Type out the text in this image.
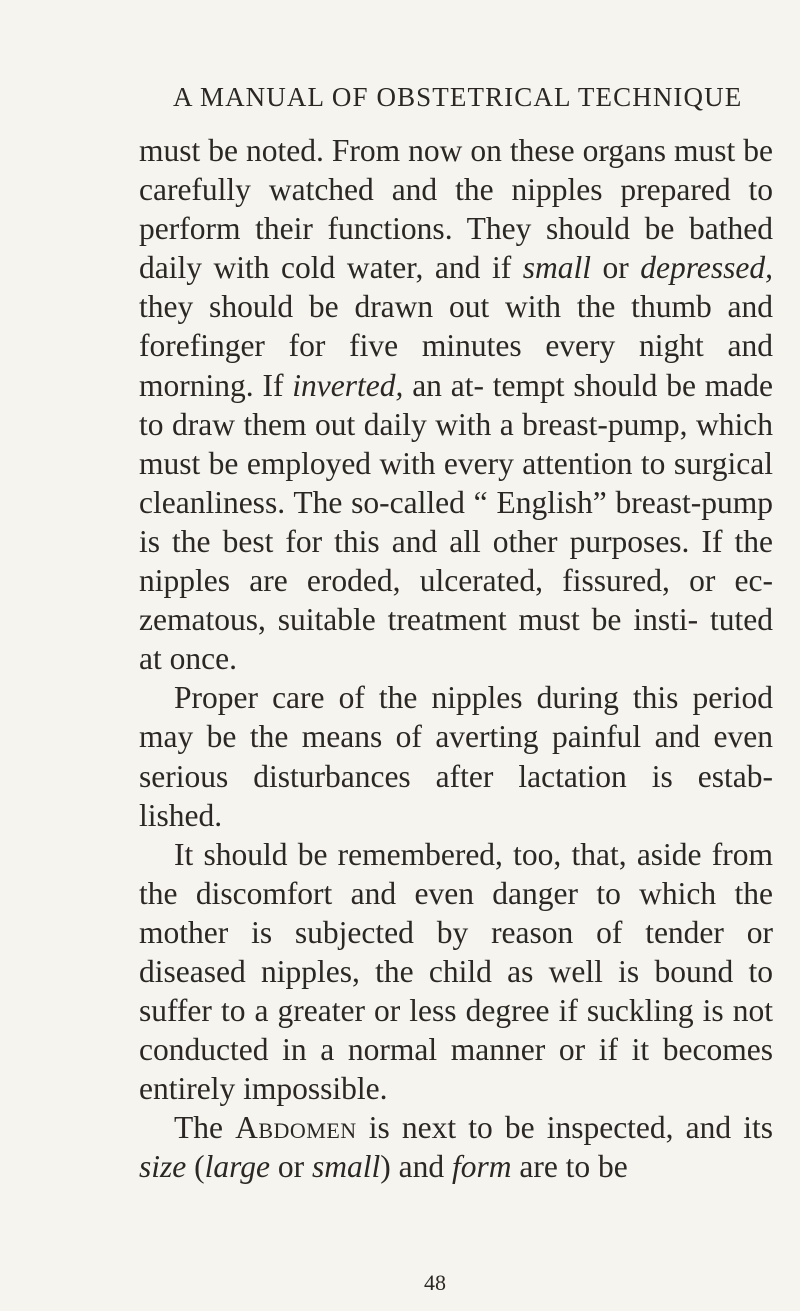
A MANUAL OF OBSTETRICAL TECHNIQUE

must be noted. From now on these organs must be carefully watched and the nipples prepared to perform their functions. They should be bathed daily with cold water, and if small or depressed, they should be drawn out with the thumb and forefinger for five minutes every night and morning. If inverted, an at- tempt should be made to draw them out daily with a breast-pump, which must be employed with every attention to surgical cleanliness. The so-called “ English” breast-pump is the best for this and all other purposes. If the nipples are eroded, ulcerated, fissured, or ec- zematous, suitable treatment must be insti- tuted at once.

Proper care of the nipples during this period may be the means of averting painful and even serious disturbances after lactation is estab- lished.

It should be remembered, too, that, aside from the discomfort and even danger to which the mother is subjected by reason of tender or diseased nipples, the child as well is bound to suffer to a greater or less degree if suckling is not conducted in a normal manner or if it becomes entirely impossible.

The Abdomen is next to be inspected, and its size (large or small) and form are to be

48
